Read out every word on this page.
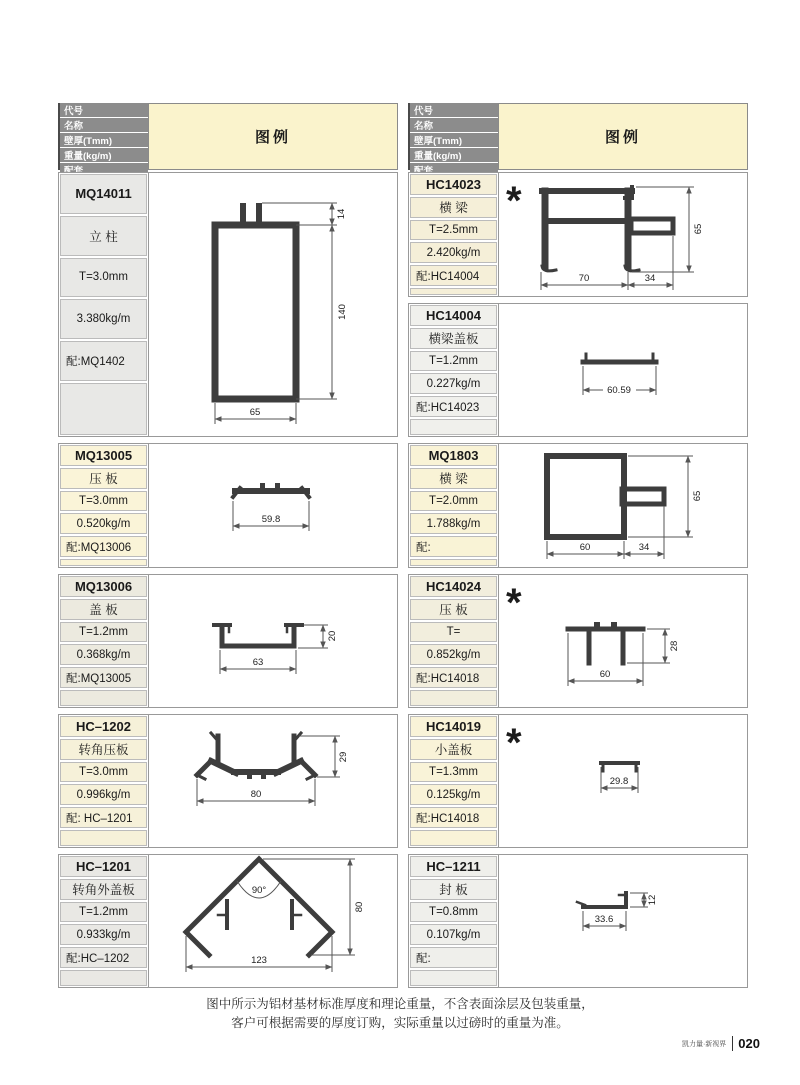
代号
名称
壁厚(Tmm)
重量(kg/m)
图例
MQ14011
立 柱
T=3.0mm
3.380kg/m
配:MQ1402
14
140
65
MQ13005
压 板
T=3.0mm
0.520kg/m
配:MQ13006
59.8
MQ13006
盖 板
T=1.2mm
0.368kg/m
配:MQ13005
63
20
HC–1202
转角压板
T=3.0mm
0.996kg/m
配: HC–1201
80
29
HC–1201
转角外盖板
T=1.2mm
0.933kg/m
配:HC–1202
90°
123
80
代号
名称
壁厚(Tmm)
重量(kg/m)
图例
HC14023
横 梁
T=2.5mm
2.420kg/m
配:HC14004
*
70	34
65
HC14004
横梁盖板
T=1.2mm
0.227kg/m
配:HC14023
60.59
MQ1803
横 梁
T=2.0mm
1.788kg/m
配:	60	34
65
HC14024
压 板
T=
0.852kg/m
配:HC14018
*
60
28
HC14019
小盖板
T=1.3mm
0.125kg/m
配:HC14018
*
29.8
HC–1211
封 板
T=0.8mm
0.107kg/m
配:
33.6
12
图中所示为铝材基材标准厚度和理论重量，不含表面涂层及包装重量，
客户可根据需要的厚度订购，实际重量以过磅时的重量为准。
凯力量·新视界 020
